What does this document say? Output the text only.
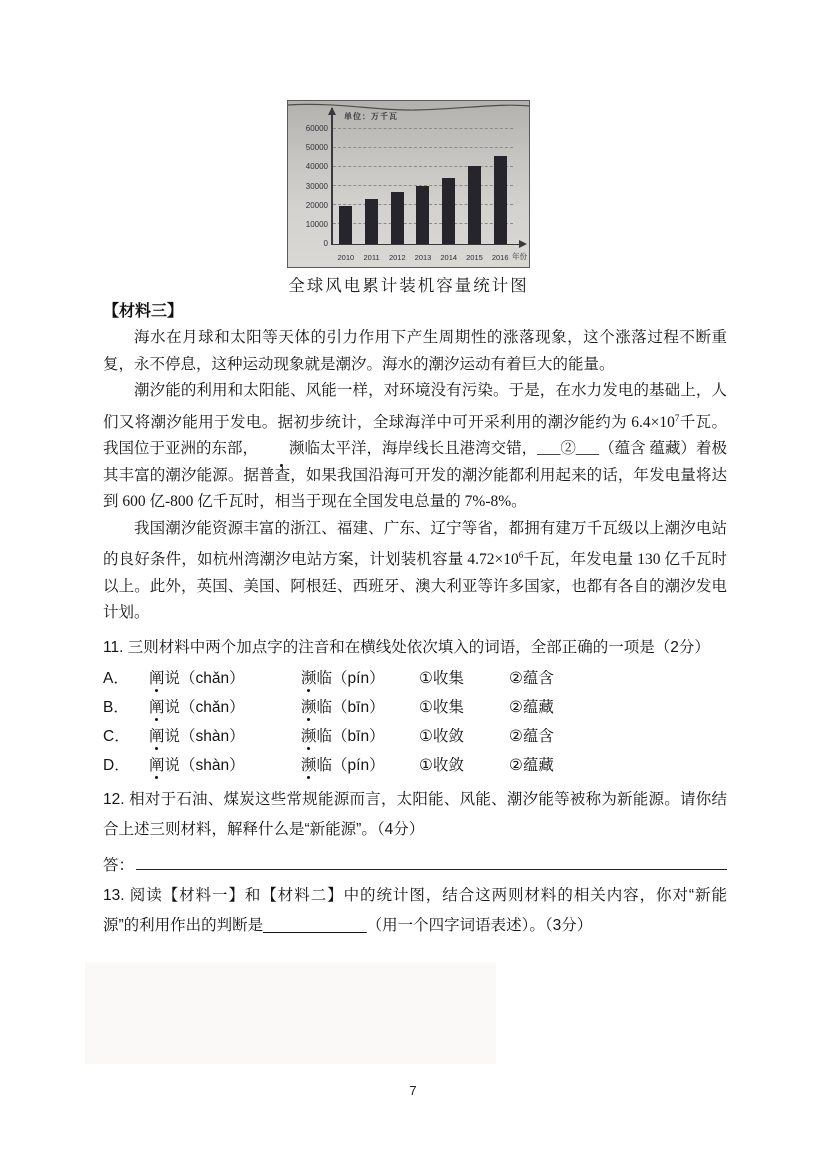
单位：万千瓦
0
10000
20000
30000
40000
50000
60000
2010	2011	2012	2013	2014	2015	2016 年份
全球风电累计装机容量统计图
【材料三】

海水在月球和太阳等天体的引力作用下产生周期性的涨落现象，这个涨落过程不断重复，永不停息，这种运动现象就是潮汐。海水的潮汐运动有着巨大的能量。

潮汐能的利用和太阳能、风能一样，对环境没有污染。于是，在水力发电的基础上，人们又将潮汐能用于发电。据初步统计，全球海洋中可开采利用的潮汐能约为 $6.4\times 10^7$千瓦。我国位于亚洲的东部， 濒临太平洋，海岸线长且港湾交错，___②___（蕴含 蕴藏）着极其丰富的潮汐能源。据普查，如果我国沿海可开发的潮汐能都利用起来的话，年发电量将达到 600 亿-800 亿千瓦时，相当于现在全国发电总量的 7%-8%。

我国潮汐能资源丰富的浙江、福建、广东、辽宁等省，都拥有建万千瓦级以上潮汐电站的良好条件，如杭州湾潮汐电站方案，计划装机容量 $4.72\times 10^6$千瓦，年发电量 130 亿千瓦时以上。此外，英国、美国、阿根廷、西班牙、澳大利亚等许多国家，也都有各自的潮汐发电计划。

11. 三则材料中两个加点字的注音和在横线处依次填入的词语，全部正确的一项是（2分）

A．	阐说（chǎn）	濒临（pín）	①收集	②蕴含
B．	阐说（chǎn）	濒临（bīn）	①收集	②蕴藏
C．	阐说（shàn）	濒临（bīn）	①收敛	②蕴含
D．	阐说（shàn）	濒临（pín）	①收敛	②蕴藏

12. 相对于石油、煤炭这些常规能源而言，太阳能、风能、潮汐能等被称为新能源。请你结合上述三则材料，解释什么是“新能源”。（4分）

答：

13. 阅读【材料一】和【材料二】中的统计图，结合这两则材料的相关内容，你对“新能源”的利用作出的判断是____________（用一个四字词语表述）。（3分）

7
